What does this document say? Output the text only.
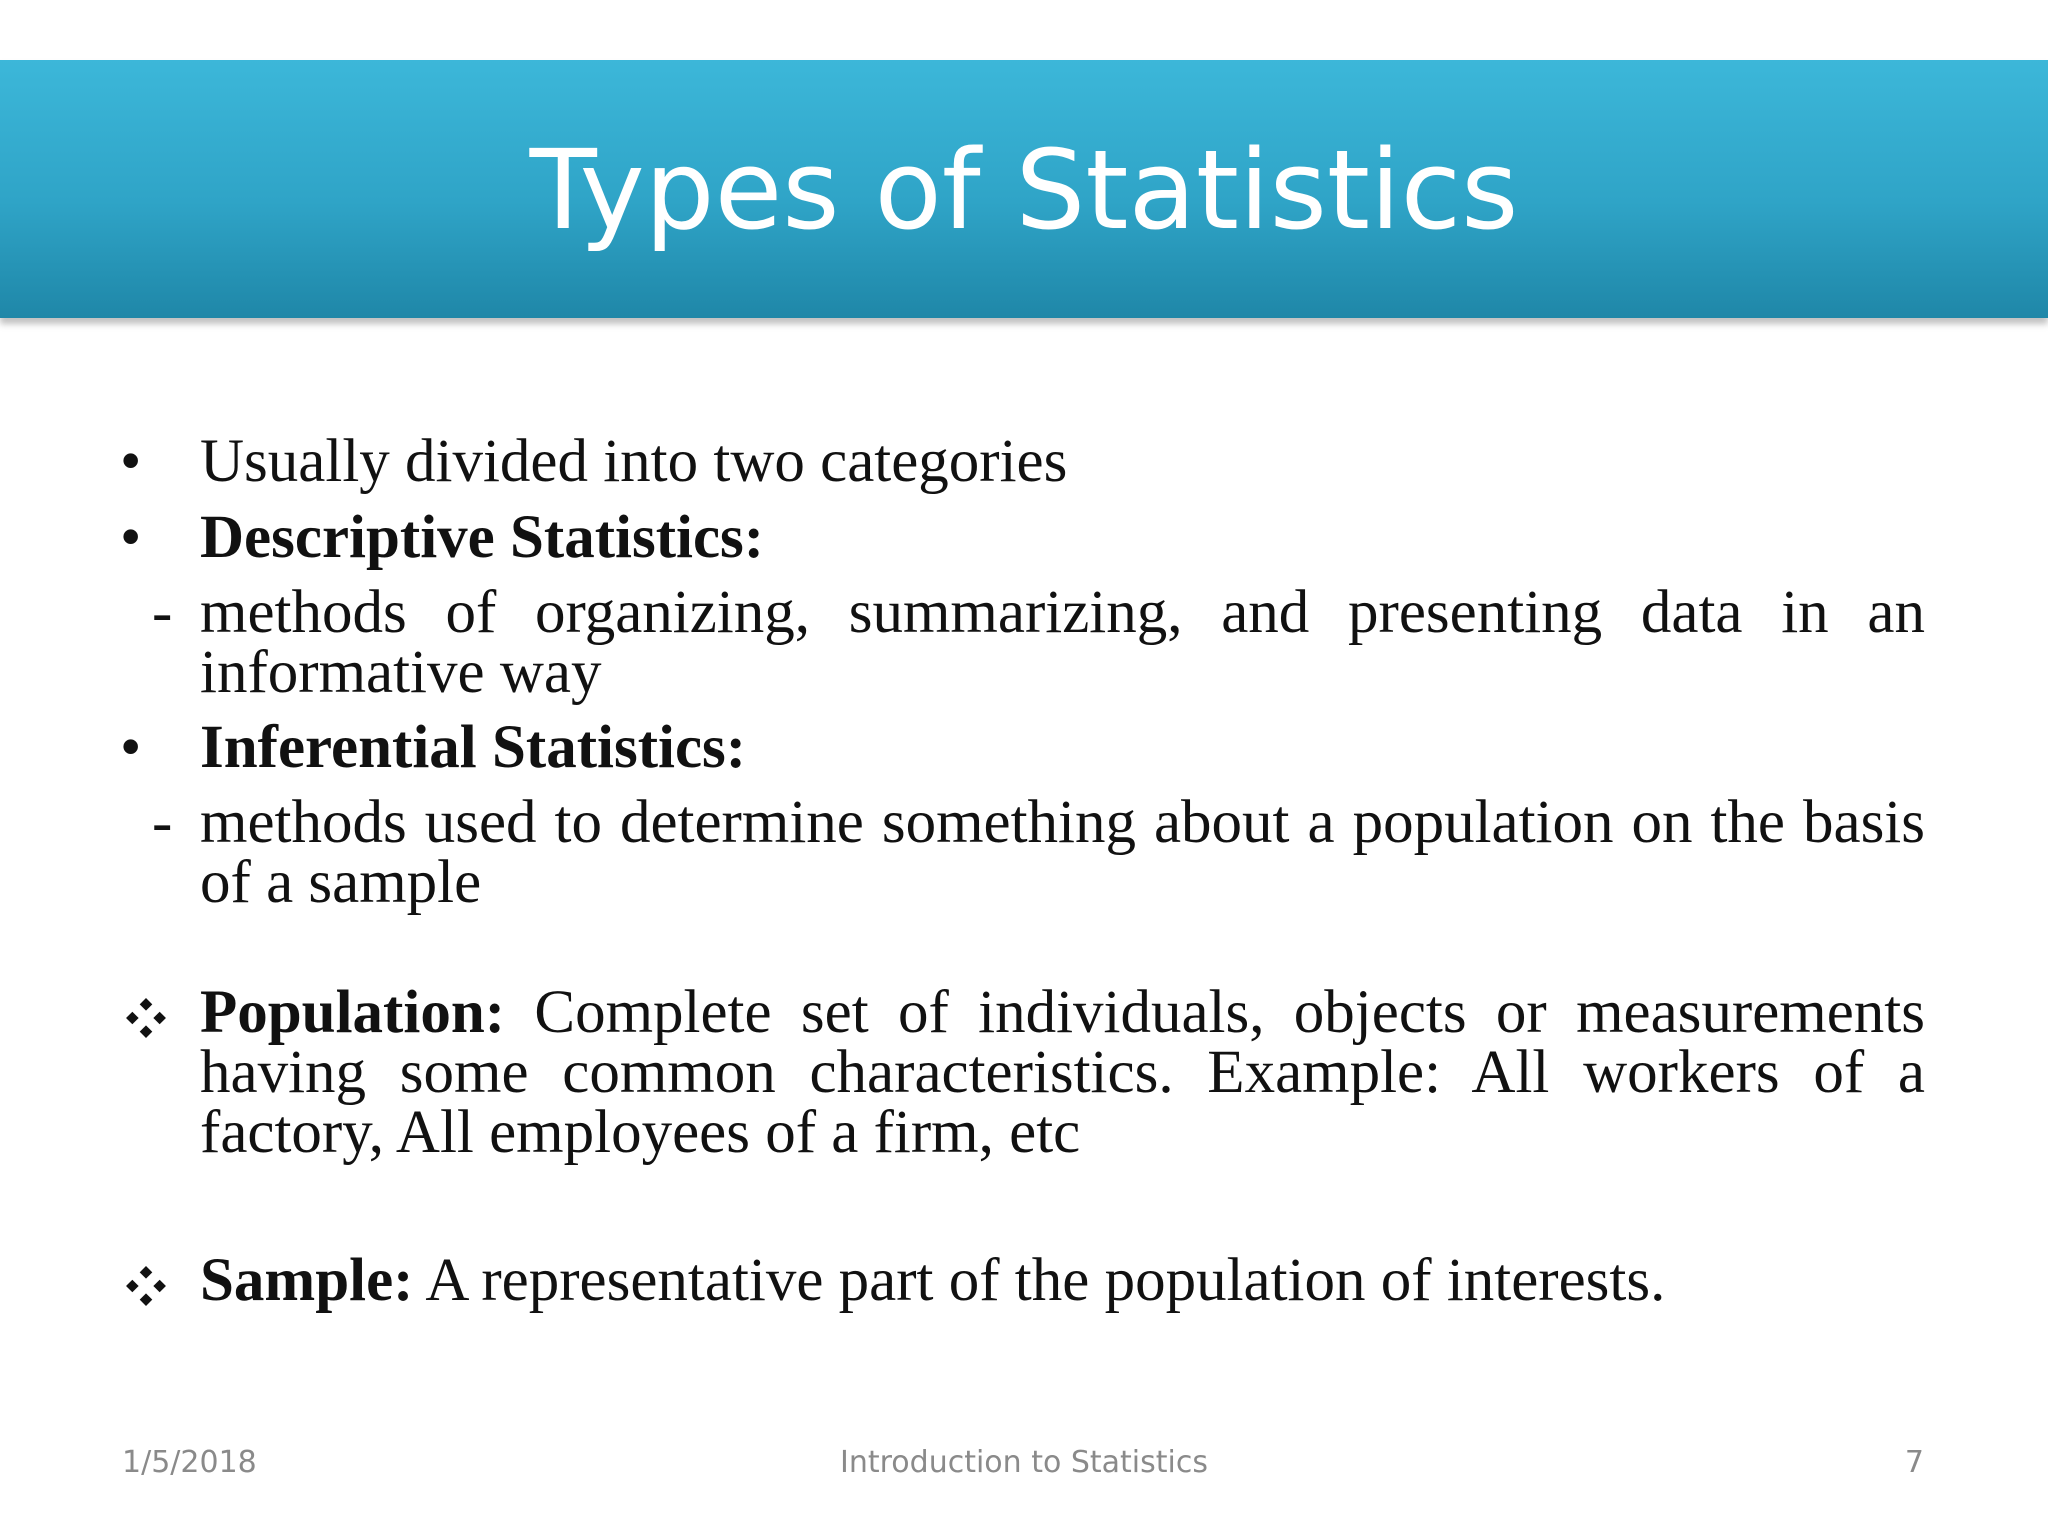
Types of Statistics
• Usually divided into two categories
• Descriptive Statistics:
- methods of organizing, summarizing, and presenting data in an informative way
• Inferential Statistics:
- methods used to determine something about a population on the basis of a sample
Population: Complete set of individuals, objects or measurements having some common characteristics. Example: All workers of a factory, All employees of a firm, etc
Sample: A representative part of the population of interests.
1/5/2018	Introduction to Statistics	7
